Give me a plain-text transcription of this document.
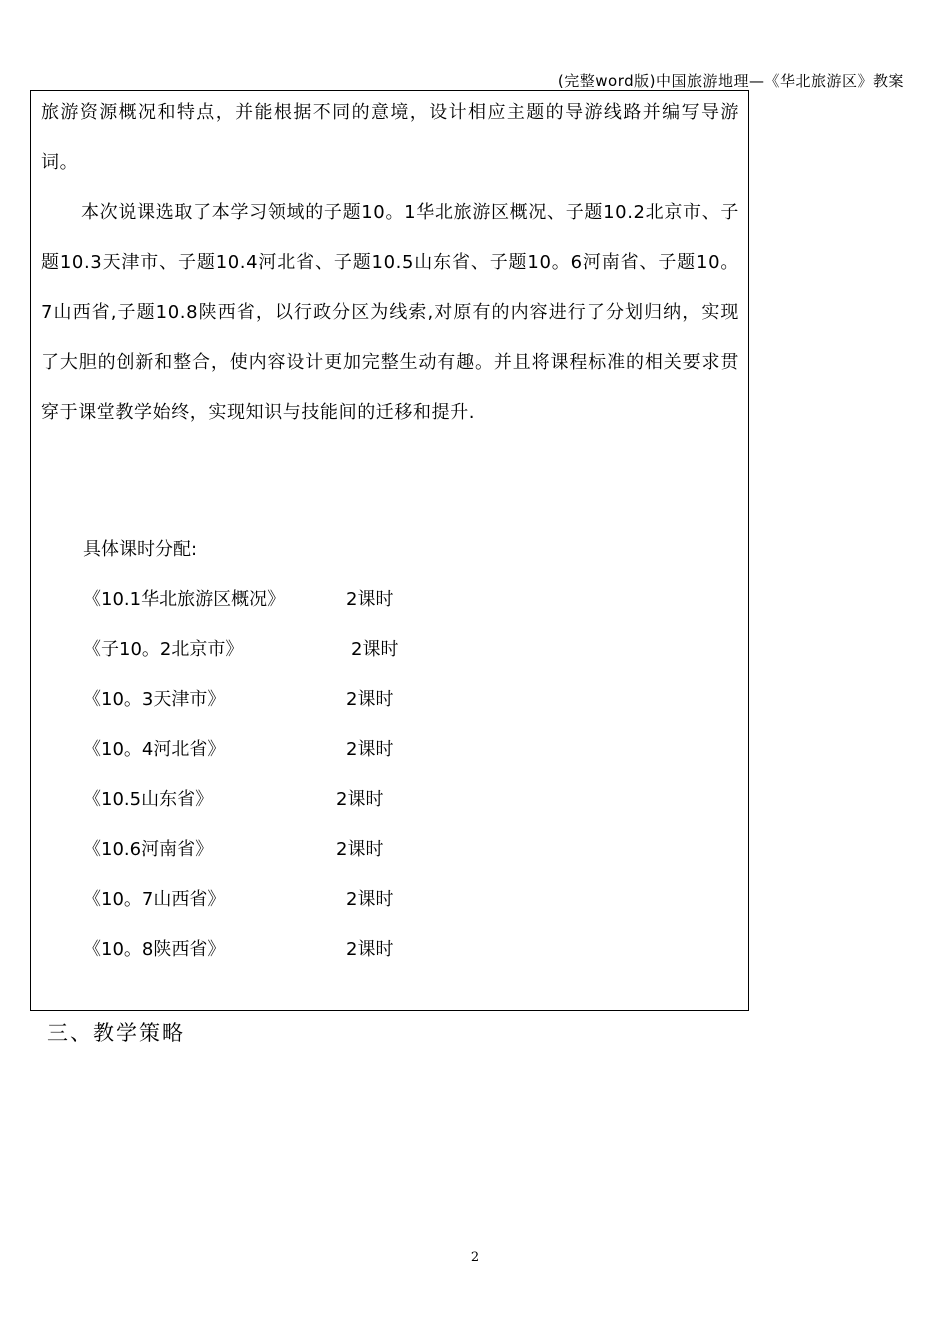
(完整word版)中国旅游地理—《华北旅游区》教案

旅游资源概况和特点，并能根据不同的意境，设计相应主题的导游线路并编写导游词。

本次说课选取了本学习领域的子题10。1华北旅游区概况、子题10.2北京市、子题10.3天津市、子题10.4河北省、子题10.5山东省、子题10。6河南省、子题10。7山西省,子题10.8陕西省，以行政分区为线索,对原有的内容进行了分划归纳，实现了大胆的创新和整合，使内容设计更加完整生动有趣。并且将课程标准的相关要求贯穿于课堂教学始终，实现知识与技能间的迁移和提升.

具体课时分配:
《10.1华北旅游区概况》	2课时
《子10。2北京市》	2课时
《10。3天津市》	2课时
《10。4河北省》	2课时
《10.5山东省》	2课时
《10.6河南省》	2课时
《10。7山西省》	2课时
《10。8陕西省》	2课时
三、教学策略
2
